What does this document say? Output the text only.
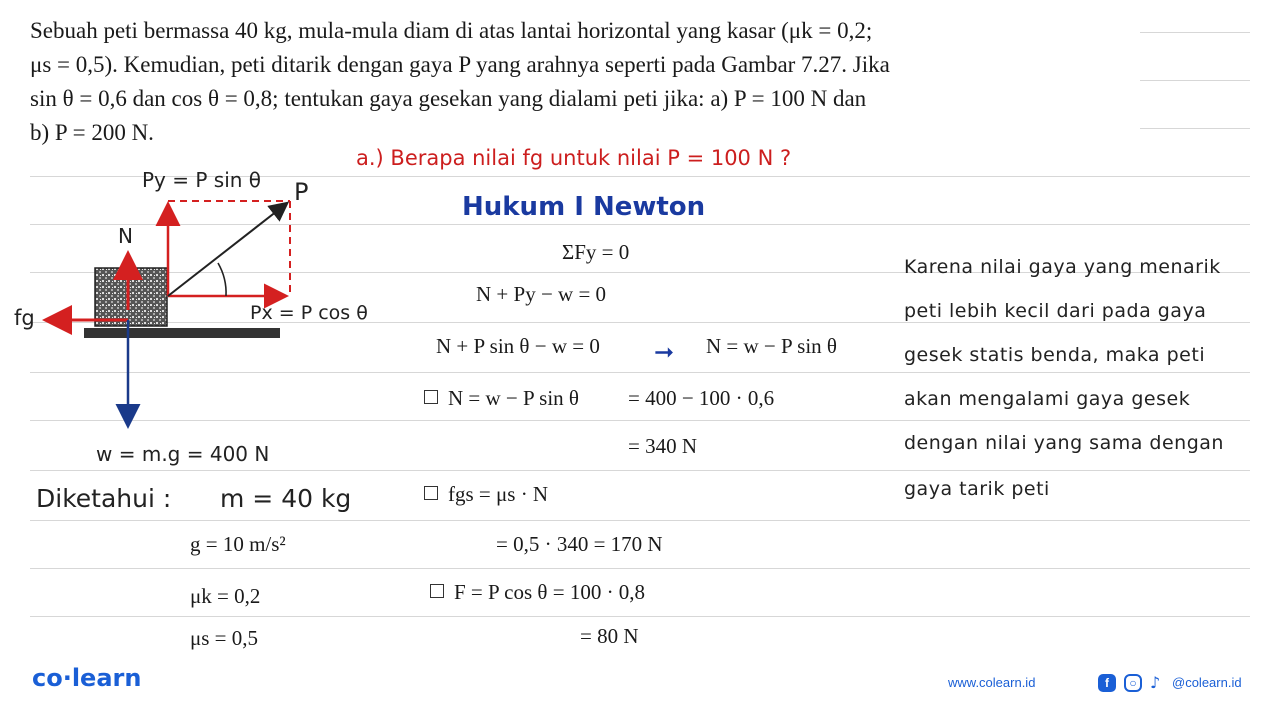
Sebuah peti bermassa 40 kg, mula-mula diam di atas lantai horizontal yang kasar (μk = 0,2;

μs = 0,5). Kemudian, peti ditarik dengan gaya P yang arahnya seperti pada Gambar 7.27. Jika

sin θ = 0,6 dan cos θ = 0,8; tentukan gaya gesekan yang dialami peti jika: a) P = 100 N dan

b) P = 200 N.

Py = P sin θ P
N
Px = P cos θ
fg
w = m.g = 400 N
a.) Berapa nilai fg untuk nilai P = 100 N ?
Hukum I Newton
ΣFy = 0
N + Py − w = 0
N + P sin θ − w = 0 ➞ N = w − P sin θ
N = w − P sin θ = 400 − 100 · 0,6
= 340 N
fgs = μs · N
= 0,5 · 340 = 170 N
F = P cos θ = 100 · 0,8
= 80 N
Diketahui : m = 40 kg
g = 10 m/s²
μk = 0,2
μs = 0,5
Karena nilai gaya yang menarik
peti lebih kecil dari pada gaya
gesek statis benda, maka peti
akan mengalami gaya gesek
dengan nilai yang sama dengan
gaya tarik peti
co·learn	www.colearn.id	f	○ ♪ @colearn.id
